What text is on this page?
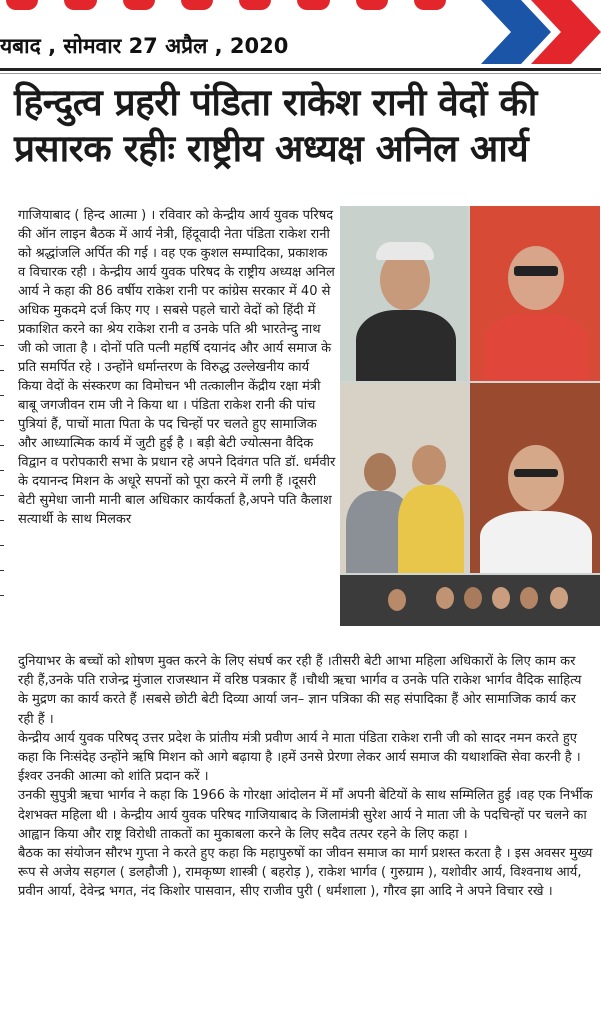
यबाद , सोमवार 27 अप्रैल , 2020
हिन्दुत्व प्रहरी पंडिता राकेश रानी वेदों की प्रसारक रहीः राष्ट्रीय अध्यक्ष अनिल आर्य

गाजियाबाद ( हिन्द आत्मा ) । रविवार को केन्द्रीय आर्य युवक परिषद की ऑन लाइन बैठक में आर्य नेत्री, हिंदूवादी नेता पंडिता राकेश रानी को श्रद्धांजलि अर्पित की गई । वह एक कुशल सम्पादिका, प्रकाशक व विचारक रही । केन्द्रीय आर्य युवक परिषद के राष्ट्रीय अध्यक्ष अनिल आर्य ने कहा की 86 वर्षीय राकेश रानी पर कांग्रेस सरकार में 40 से अधिक मुकदमे दर्ज किए गए । सबसे पहले चारो वेदों को हिंदी में प्रकाशित करने का श्रेय राकेश रानी व उनके पति श्री भारतेन्दु नाथ जी को जाता है । दोनों पति पत्नी महर्षि दयानंद और आर्य समाज के प्रति समर्पित रहे । उन्होंने धर्मान्तरण के विरुद्ध उल्लेखनीय कार्य किया वेदों के संस्करण का विमोचन भी तत्कालीन केंद्रीय रक्षा मंत्री बाबू जगजीवन राम जी ने किया था । पंडिता राकेश रानी की पांच पुत्रियां हैं, पाचों माता पिता के पद चिन्हों पर चलते हुए सामाजिक और आध्यात्मिक कार्य में जुटी हुई है । बड़ी बेटी ज्योत्सना वैदिक विद्वान व परोपकारी सभा के प्रधान रहे अपने दिवंगत पति डॉ. धर्मवीर के दयानन्द मिशन के अधूरे सपनों को पूरा करने में लगी हैं ।दूसरी बेटी सुमेधा जानी मानी बाल अधिकार कार्यकर्ता है,अपने पति कैलाश सत्यार्थी के साथ मिलकर

दुनियाभर के बच्चों को शोषण मुक्त करने के लिए संघर्ष कर रही हैं ।तीसरी बेटी आभा महिला अधिकारों के लिए काम कर रही हैं,उनके पति राजेन्द्र मुंजाल राजस्थान में वरिष्ठ पत्रकार हैं ।चौथी ऋचा भार्गव व उनके पति राकेश भार्गव वैदिक साहित्य के मुद्रण का कार्य करते हैं ।सबसे छोटी बेटी दिव्या आर्या जन– ज्ञान पत्रिका की सह संपादिका हैं ओर सामाजिक कार्य कर रही हैं ।

केन्द्रीय आर्य युवक परिषद् उत्तर प्रदेश के प्रांतीय मंत्री प्रवीण आर्य ने माता पंडिता राकेश रानी जी को सादर नमन करते हुए कहा कि निःसंदेह उन्होंने ऋषि मिशन को आगे बढ़ाया है ।हमें उनसे प्रेरणा लेकर आर्य समाज की यथाशक्ति सेवा करनी है ।ईश्वर उनकी आत्मा को शांति प्रदान करें ।

उनकी सुपुत्री ऋचा भार्गव ने कहा कि 1966 के गोरक्षा आंदोलन में माँ अपनी बेटियों के साथ सम्मिलित हुई ।वह एक निर्भीक देशभक्त महिला थी । केन्द्रीय आर्य युवक परिषद गाजियाबाद के जिलामंत्री सुरेश आर्य ने माता जी के पदचिन्हों पर चलने का आह्वान किया और राष्ट्र विरोधी ताकतों का मुकाबला करने के लिए सदैव तत्पर रहने के लिए कहा ।

बैठक का संयोजन सौरभ गुप्ता ने करते हुए कहा कि महापुरुषों का जीवन समाज का मार्ग प्रशस्त करता है । इस अवसर मुख्य रूप से अजेय सहगल ( डलहौजी ), रामकृष्ण शास्त्री ( बहरोड़ ), राकेश भार्गव ( गुरुग्राम ), यशोवीर आर्य, विश्वनाथ आर्य, प्रवीन आर्या, देवेन्द्र भगत, नंद किशोर पासवान, सीए राजीव पुरी ( धर्मशाला ), गौरव झा आदि ने अपने विचार रखे ।
